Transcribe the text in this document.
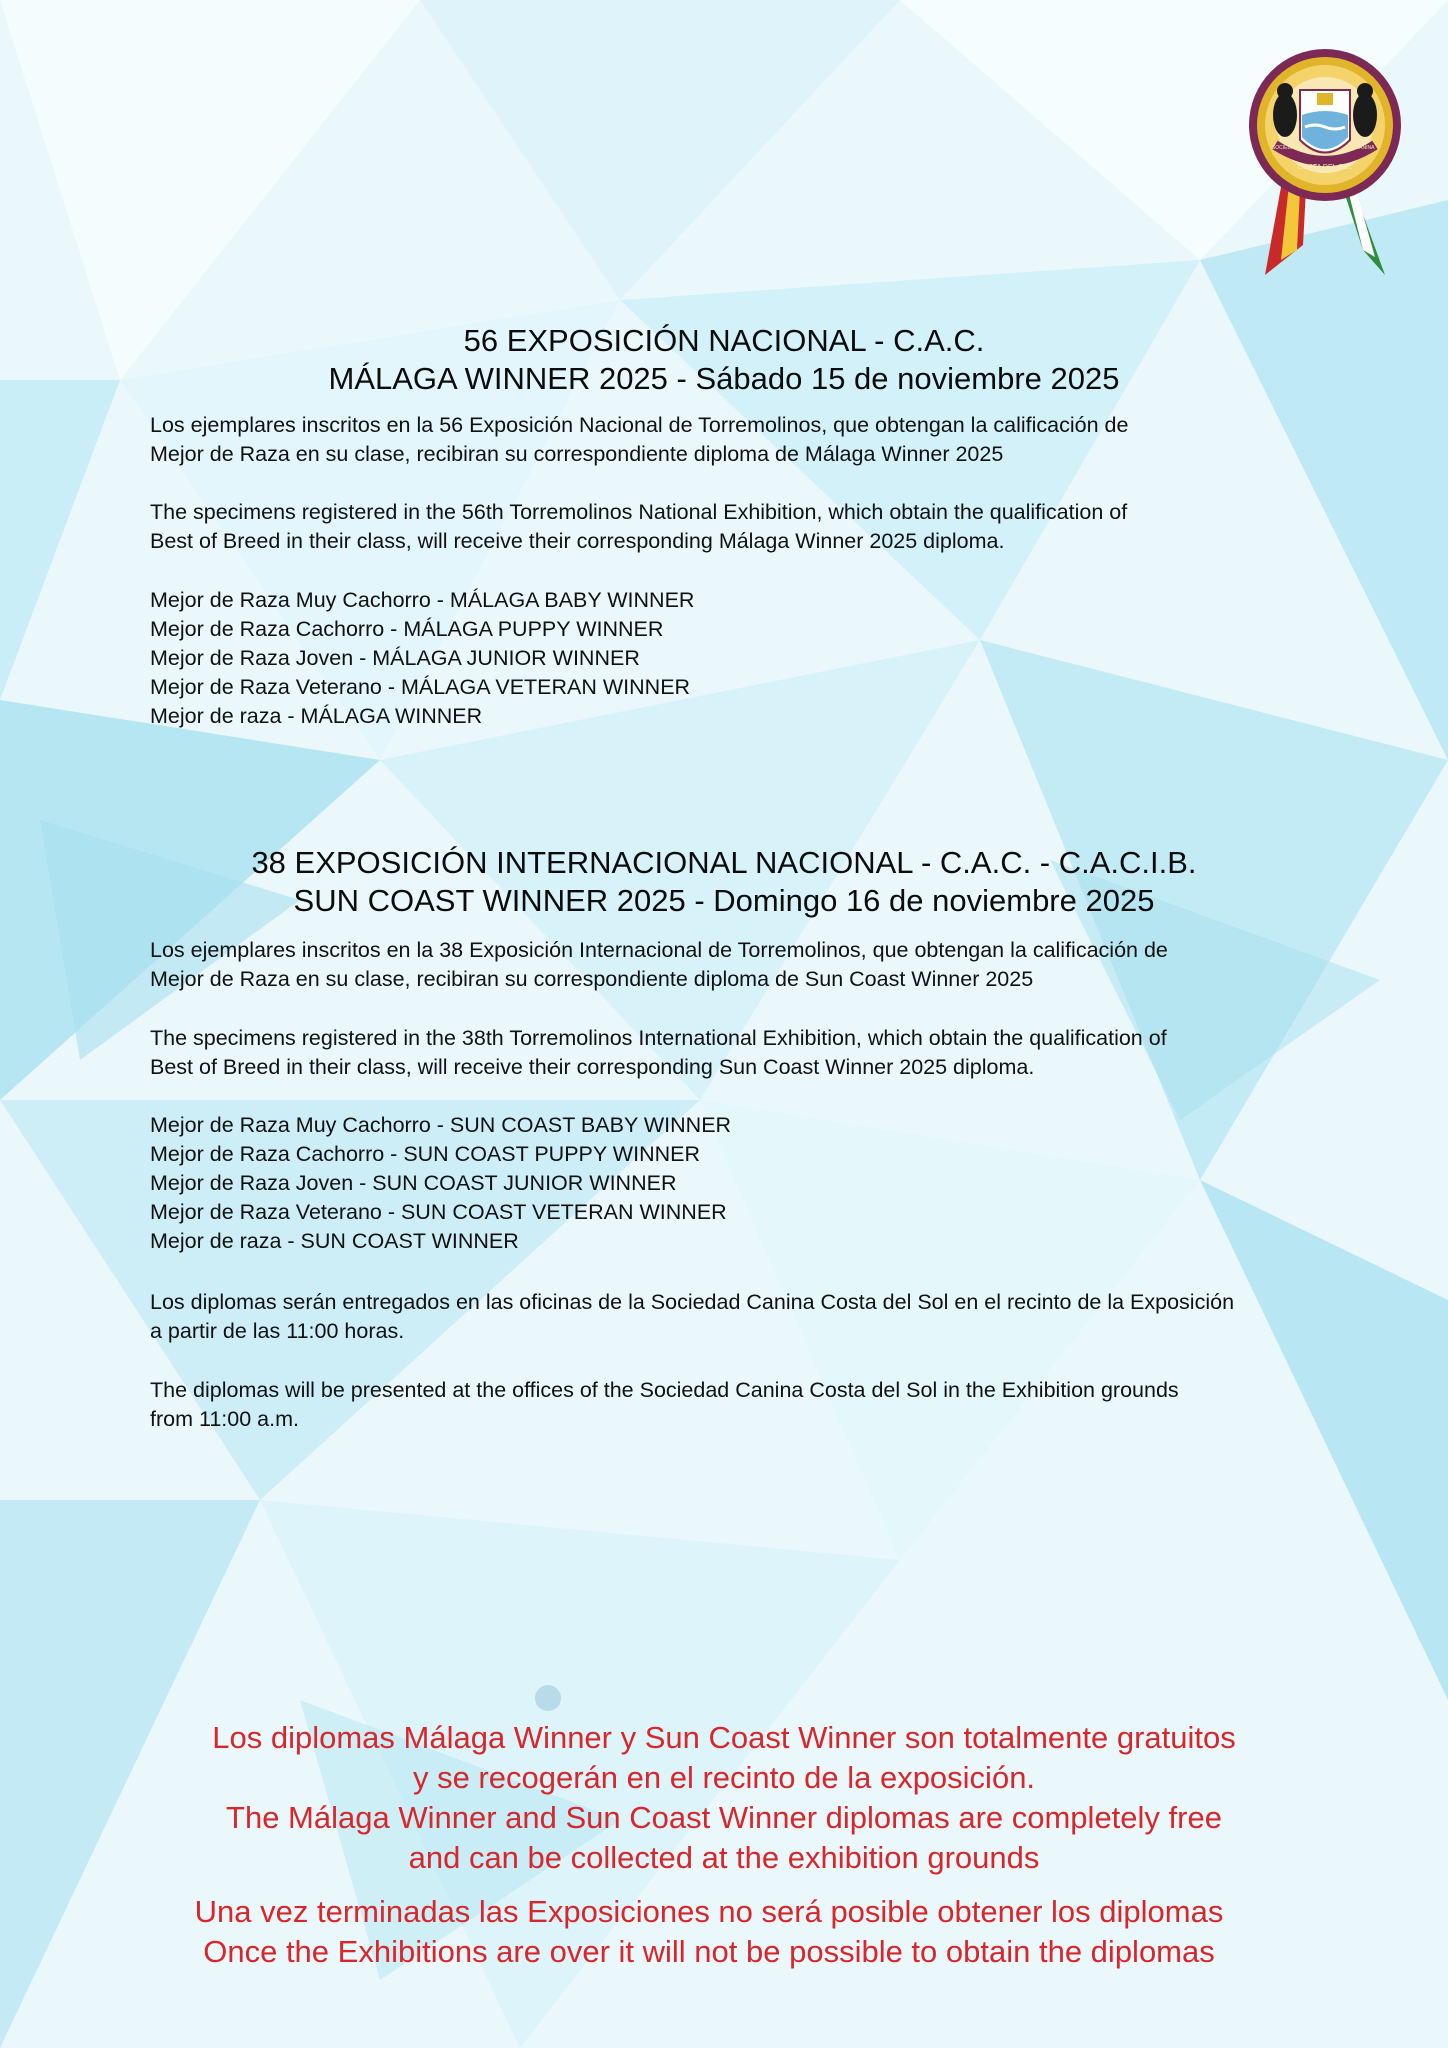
COSTA DEL SOL
SOCIEDAD	CANINA
56 EXPOSICIÓN NACIONAL - C.A.C.
MÁLAGA WINNER 2025 - Sábado 15 de noviembre 2025
Los ejemplares inscritos en la 56 Exposición Nacional de Torremolinos, que obtengan la calificación de
Mejor de Raza en su clase, recibiran su correspondiente diploma de Málaga Winner 2025
The specimens registered in the 56th Torremolinos National Exhibition, which obtain the qualification of
Best of Breed in their class, will receive their corresponding Málaga Winner 2025 diploma.
Mejor de Raza Muy Cachorro - MÁLAGA BABY WINNER
Mejor de Raza Cachorro - MÁLAGA PUPPY WINNER
Mejor de Raza Joven - MÁLAGA JUNIOR WINNER
Mejor de Raza Veterano - MÁLAGA VETERAN WINNER
Mejor de raza - MÁLAGA WINNER
38 EXPOSICIÓN INTERNACIONAL NACIONAL - C.A.C. - C.A.C.I.B.
SUN COAST WINNER 2025 - Domingo 16 de noviembre 2025
Los ejemplares inscritos en la 38 Exposición Internacional de Torremolinos, que obtengan la calificación de
Mejor de Raza en su clase, recibiran su correspondiente diploma de Sun Coast Winner 2025
The specimens registered in the 38th Torremolinos International Exhibition, which obtain the qualification of
Best of Breed in their class, will receive their corresponding Sun Coast Winner 2025 diploma.
Mejor de Raza Muy Cachorro - SUN COAST BABY WINNER
Mejor de Raza Cachorro - SUN COAST PUPPY WINNER
Mejor de Raza Joven - SUN COAST JUNIOR WINNER
Mejor de Raza Veterano - SUN COAST VETERAN WINNER
Mejor de raza - SUN COAST WINNER
Los diplomas serán entregados en las oficinas de la Sociedad Canina Costa del Sol en el recinto de la Exposición
a partir de las 11:00 horas.
The diplomas will be presented at the offices of the Sociedad Canina Costa del Sol in the Exhibition grounds
from 11:00 a.m.
Los diplomas Málaga Winner y Sun Coast Winner son totalmente gratuitos
y se recogerán en el recinto de la exposición.
The Málaga Winner and Sun Coast Winner diplomas are completely free
and can be collected at the exhibition grounds
Una vez terminadas las Exposiciones no será posible obtener los diplomas
Once the Exhibitions are over it will not be possible to obtain the diplomas
